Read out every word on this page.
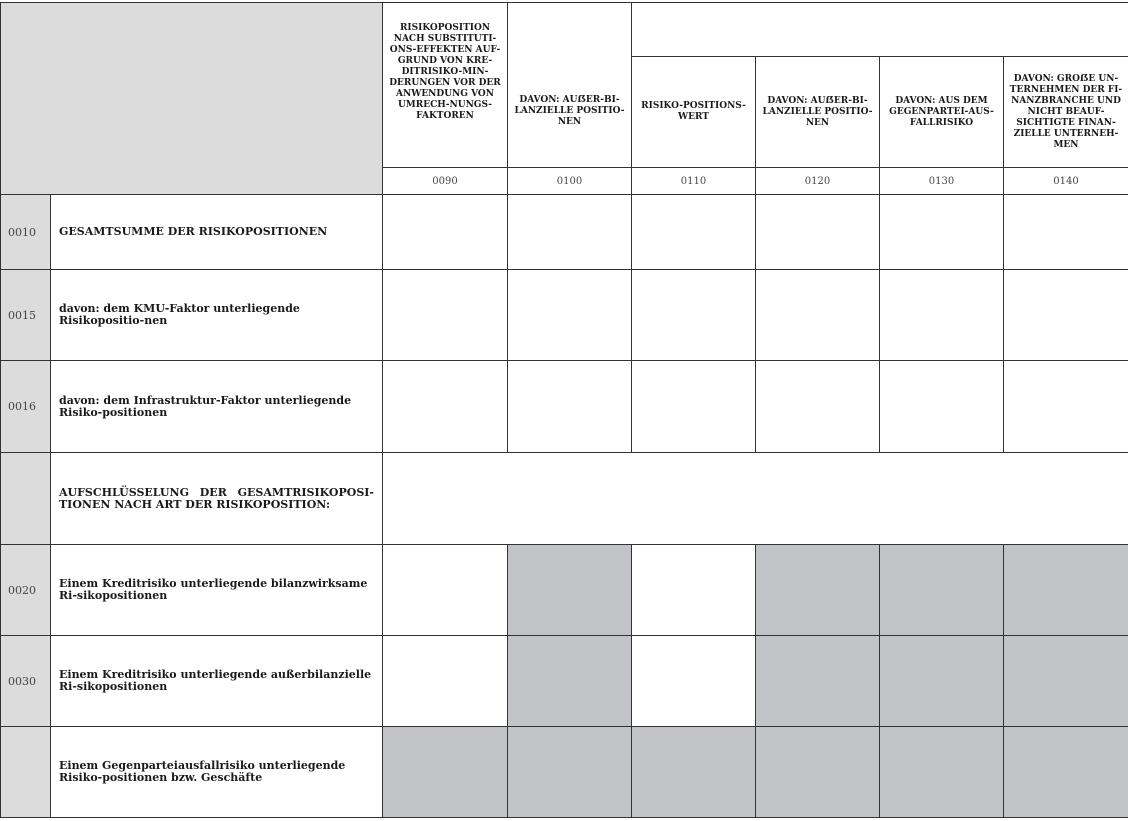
		RISIKOPOSITION NACH SUBSTITUTI-ONS-EFFEKTEN AUF-GRUND VON KRE-DITRISIKO-MIN-DERUNGEN VOR DER ANWENDUNG VON UMRECH-NUNGS-FAKTOREN					
			DAVON: AUẞER-BI-LANZIELLE POSITIO-NEN	RISIKO-POSITIONS-WERT	DAVON: AUẞER-BI-LANZIELLE POSITIO-NEN	DAVON: AUS DEM GEGENPARTEI-AUS-FALLRISIKO	DAVON: GROẞE UN-TERNEHMEN DER FI-NANZBRANCHE UND NICHT BEAUF-SICHTIGTE FINAN-ZIELLE UNTERNEH-MEN
		0090	0100	0110	0120	0130	0140
0010	GESAMTSUMME DER RISIKOPOSITIONEN						
0015	davon: dem KMU-Faktor unterliegende Risikopositio-nen						
0016	davon: dem Infrastruktur-Faktor unterliegende Risiko-positionen						
	AUFSCHLÜSSELUNG DER GESAMTRISIKOPOSI-TIONEN NACH ART DER RISIKOPOSITION:						
0020	Einem Kreditrisiko unterliegende bilanzwirksame Ri-sikopositionen						
0030	Einem Kreditrisiko unterliegende außerbilanzielle Ri-sikopositionen						
	Einem Gegenparteiausfallrisiko unterliegende Risiko-positionen bzw. Geschäfte						
